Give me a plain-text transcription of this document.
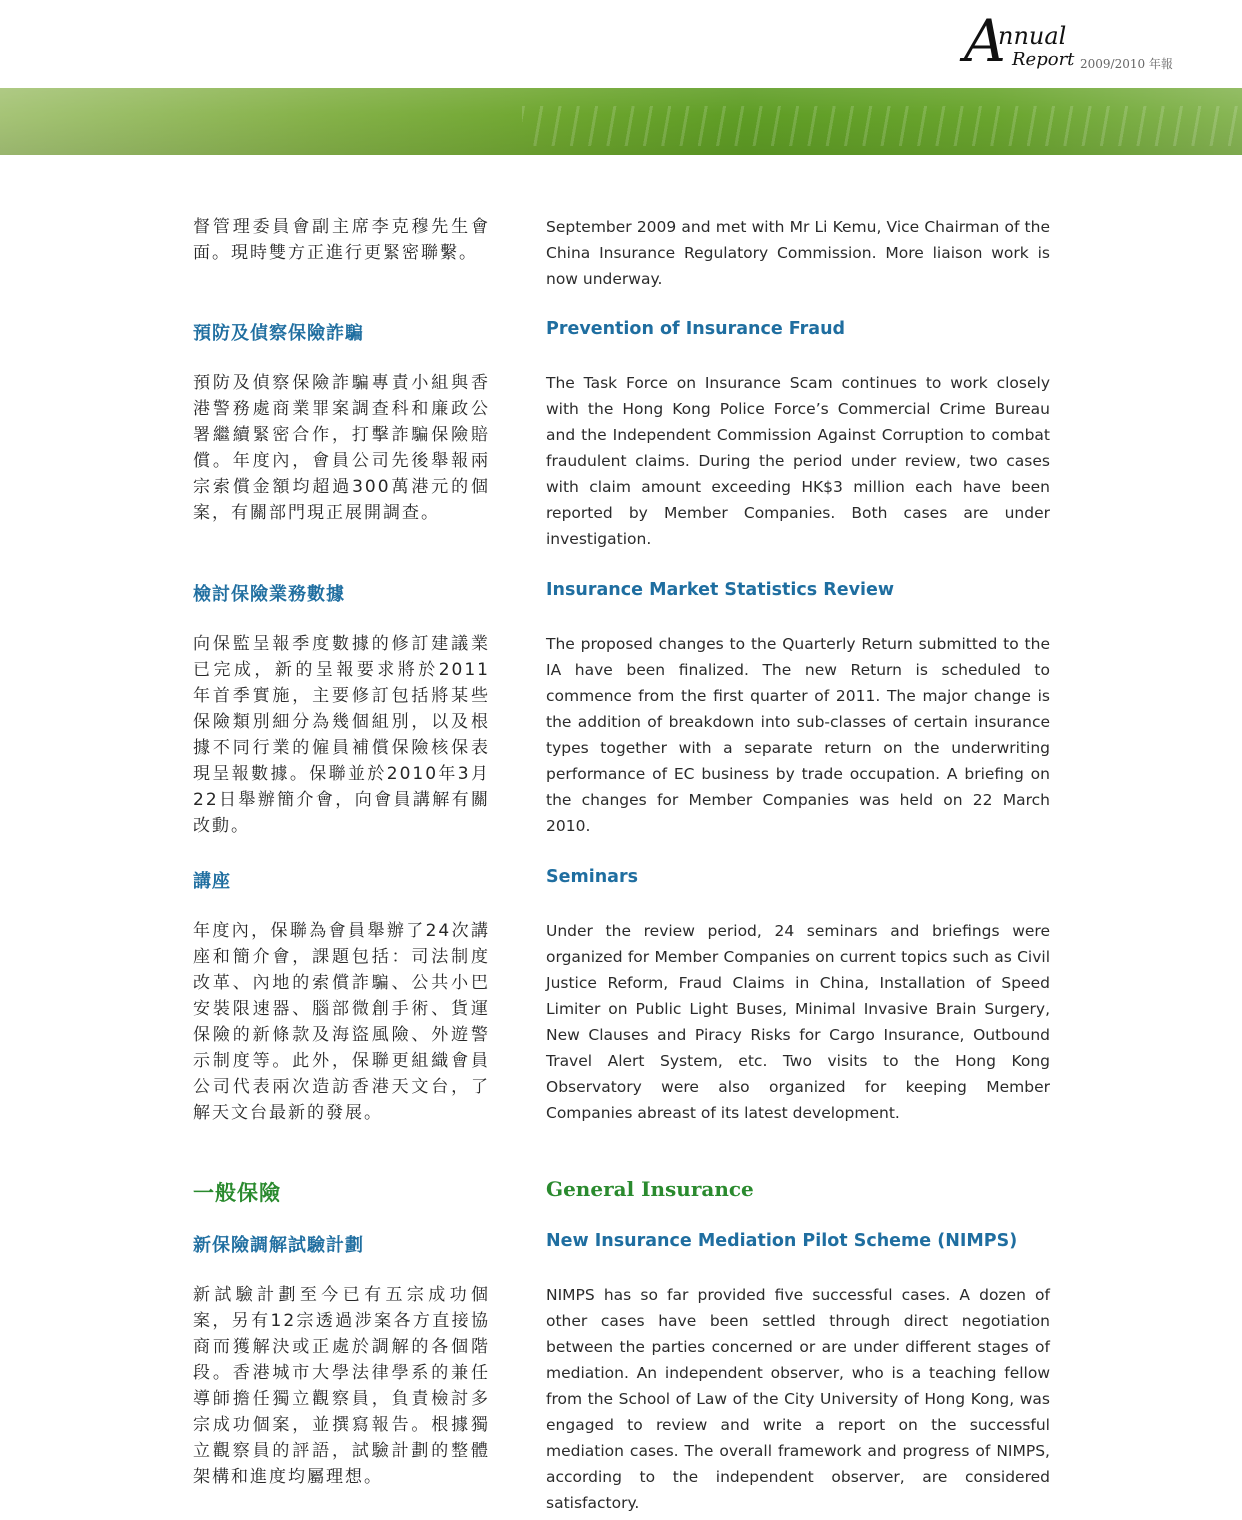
A
nnual
Report 2009/2010 年報

督管理委員會副主席李克穆先生會面。現時雙方正進行更緊密聯繫。

September 2009 and met with Mr Li Kemu, Vice Chairman of the China Insurance Regulatory Commission. More liaison work is now underway.

預防及偵察保險詐騙	Prevention of Insurance Fraud

預防及偵察保險詐騙專責小組與香港警務處商業罪案調查科和廉政公署繼續緊密合作，打擊詐騙保險賠償。年度內，會員公司先後舉報兩宗索償金額均超過300萬港元的個案，有關部門現正展開調查。

The Task Force on Insurance Scam continues to work closely with the Hong Kong Police Force’s Commercial Crime Bureau and the Independent Commission Against Corruption to combat fraudulent claims. During the period under review, two cases with claim amount exceeding HK$3 million each have been reported by Member Companies. Both cases are under investigation.

檢討保險業務數據	Insurance Market Statistics Review

向保監呈報季度數據的修訂建議業已完成，新的呈報要求將於2011年首季實施，主要修訂包括將某些保險類別細分為幾個組別，以及根據不同行業的僱員補償保險核保表現呈報數據。保聯並於2010年3月22日舉辦簡介會，向會員講解有關改動。

The proposed changes to the Quarterly Return submitted to the IA have been finalized. The new Return is scheduled to commence from the first quarter of 2011. The major change is the addition of breakdown into sub-classes of certain insurance types together with a separate return on the underwriting performance of EC business by trade occupation. A briefing on the changes for Member Companies was held on 22 March 2010.

講座	Seminars

年度內，保聯為會員舉辦了24次講座和簡介會，課題包括：司法制度改革、內地的索償詐騙、公共小巴安裝限速器、腦部微創手術、貨運保險的新條款及海盜風險、外遊警示制度等。此外，保聯更組織會員公司代表兩次造訪香港天文台，了解天文台最新的發展。

Under the review period, 24 seminars and briefings were organized for Member Companies on current topics such as Civil Justice Reform, Fraud Claims in China, Installation of Speed Limiter on Public Light Buses, Minimal Invasive Brain Surgery, New Clauses and Piracy Risks for Cargo Insurance, Outbound Travel Alert System, etc. Two visits to the Hong Kong Observatory were also organized for keeping Member Companies abreast of its latest development.

一般保險	General Insurance
新保險調解試驗計劃	New Insurance Mediation Pilot Scheme (NIMPS)

新試驗計劃至今已有五宗成功個案，另有12宗透過涉案各方直接協商而獲解決或正處於調解的各個階段。香港城市大學法律學系的兼任導師擔任獨立觀察員，負責檢討多宗成功個案，並撰寫報告。根據獨立觀察員的評語，試驗計劃的整體架構和進度均屬理想。

NIMPS has so far provided five successful cases. A dozen of other cases have been settled through direct negotiation between the parties concerned or are under different stages of mediation. An independent observer, who is a teaching fellow from the School of Law of the City University of Hong Kong, was engaged to review and write a report on the successful mediation cases. The overall framework and progress of NIMPS, according to the independent observer, are considered satisfactory.
